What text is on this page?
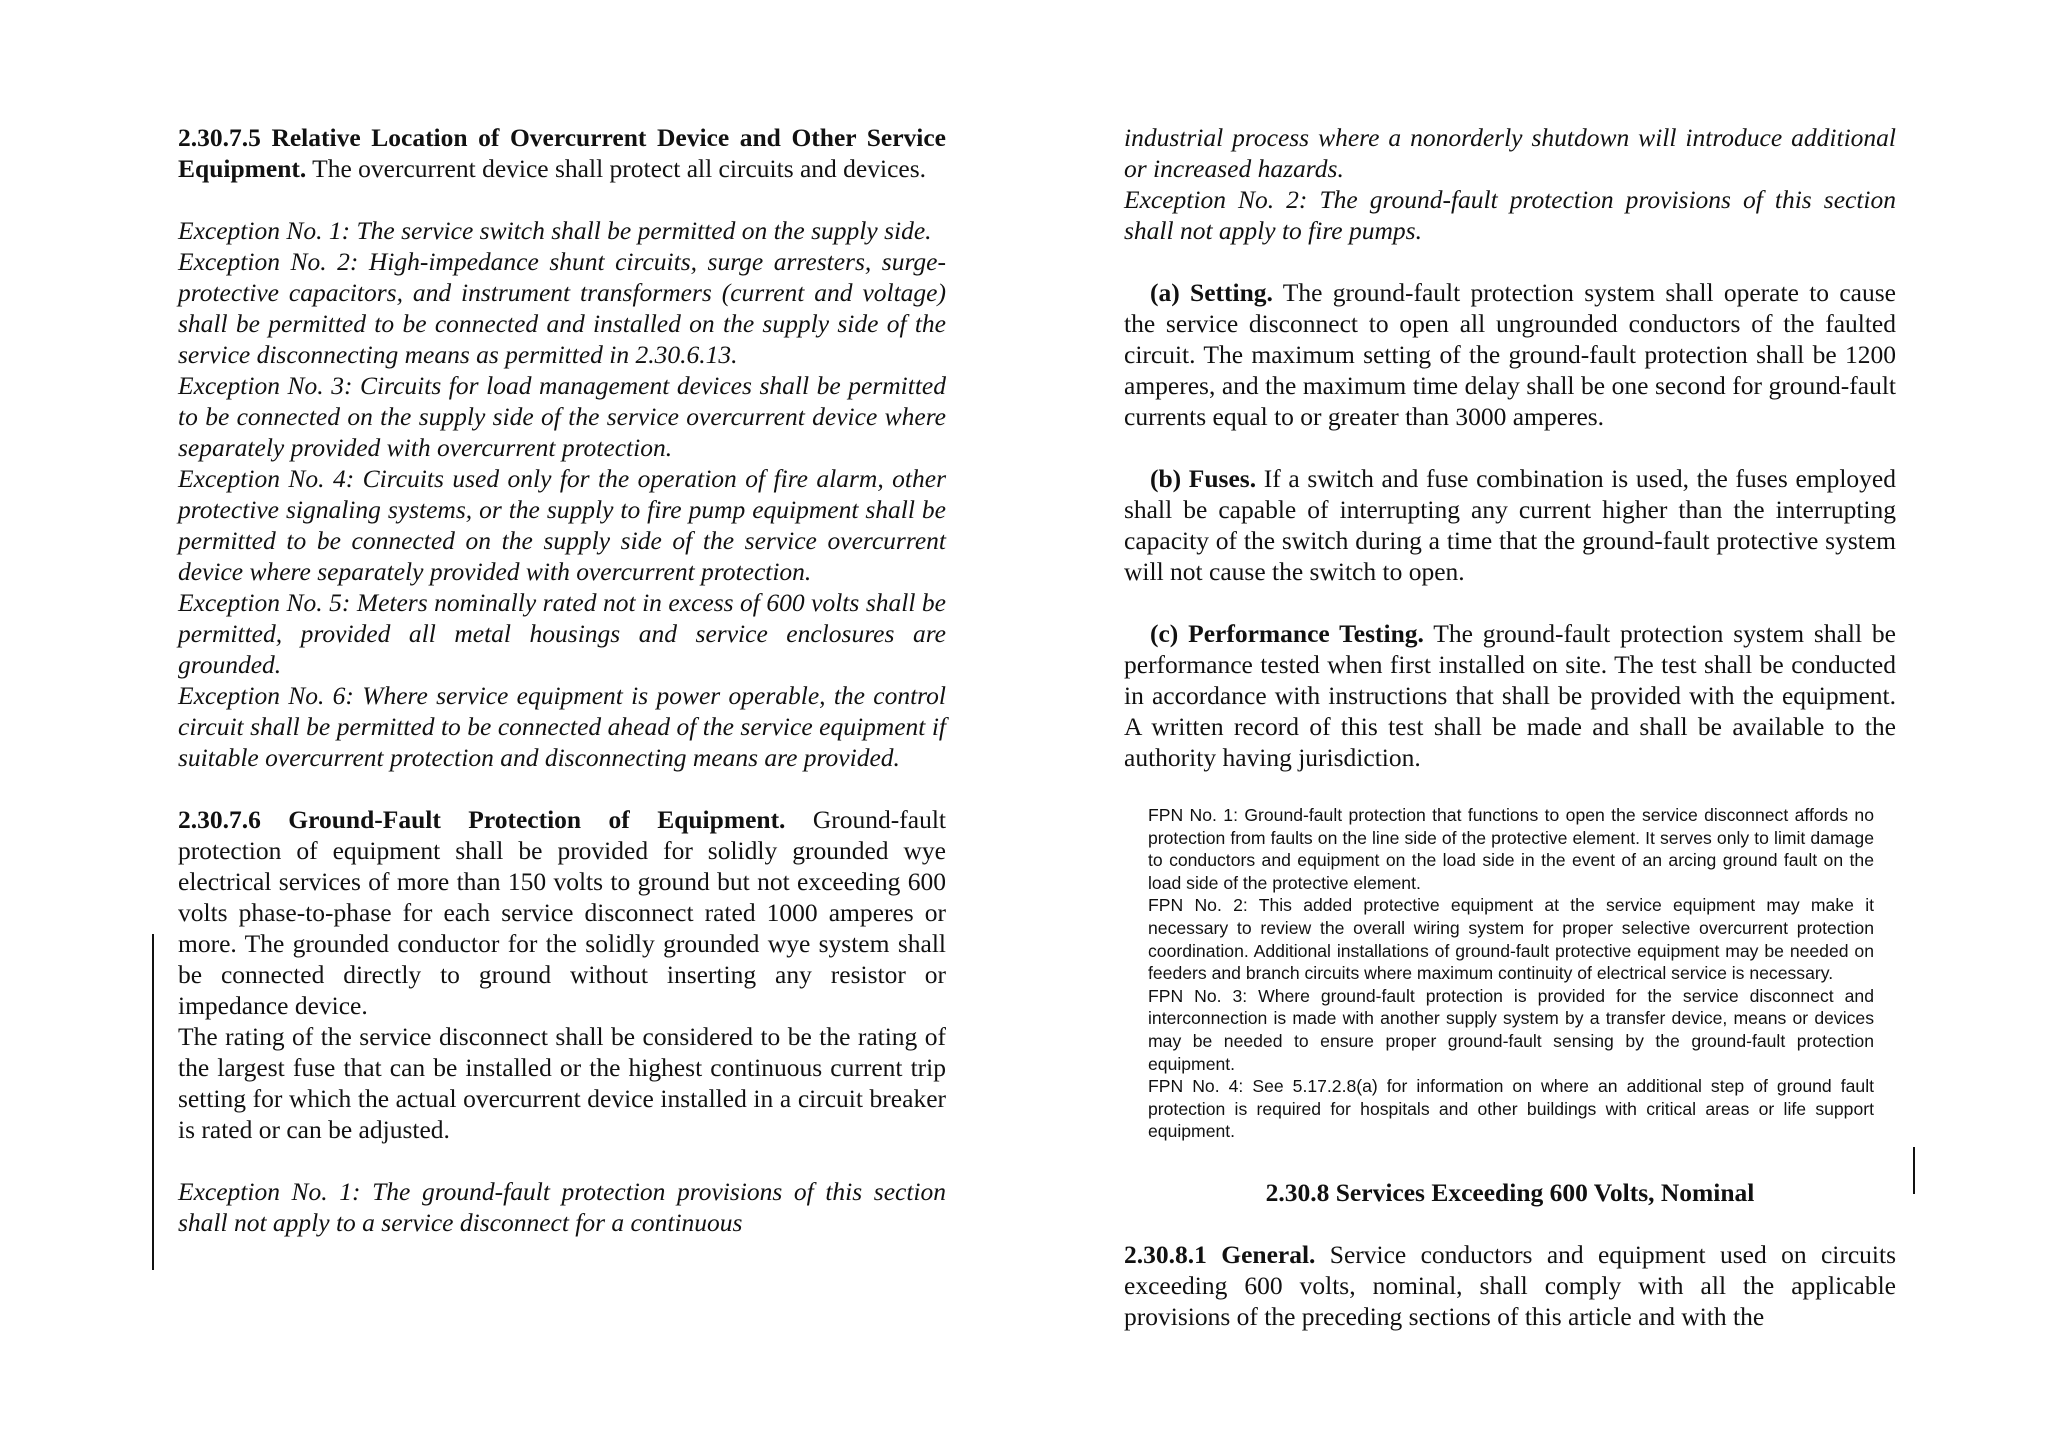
2.30.7.5 Relative Location of Overcurrent Device and Other Service Equipment. The overcurrent device shall protect all circuits and devices.

Exception No. 1: The service switch shall be permitted on the supply side.

Exception No. 2: High-impedance shunt circuits, surge arresters, surge-protective capacitors, and instrument transformers (current and voltage) shall be permitted to be connected and installed on the supply side of the service disconnecting means as permitted in 2.30.6.13.

Exception No. 3: Circuits for load management devices shall be permitted to be connected on the supply side of the service overcurrent device where separately provided with overcurrent protection.

Exception No. 4: Circuits used only for the operation of fire alarm, other protective signaling systems, or the supply to fire pump equipment shall be permitted to be connected on the supply side of the service overcurrent device where separately provided with overcurrent protection.

Exception No. 5: Meters nominally rated not in excess of 600 volts shall be permitted, provided all metal housings and service enclosures are grounded.

Exception No. 6: Where service equipment is power operable, the control circuit shall be permitted to be connected ahead of the service equipment if suitable overcurrent protection and disconnecting means are provided.

2.30.7.6 Ground-Fault Protection of Equipment. Ground-fault protection of equipment shall be provided for solidly grounded wye electrical services of more than 150 volts to ground but not exceeding 600 volts phase-to-phase for each service disconnect rated 1000 amperes or more. The grounded conductor for the solidly grounded wye system shall be connected directly to ground without inserting any resistor or impedance device.

The rating of the service disconnect shall be considered to be the rating of the largest fuse that can be installed or the highest continuous current trip setting for which the actual overcurrent device installed in a circuit breaker is rated or can be adjusted.

Exception No. 1: The ground-fault protection provisions of this section shall not apply to a service disconnect for a continuous

industrial process where a nonorderly shutdown will introduce additional or increased hazards.

Exception No. 2: The ground-fault protection provisions of this section shall not apply to fire pumps.

(a) Setting. The ground-fault protection system shall operate to cause the service disconnect to open all ungrounded conductors of the faulted circuit. The maximum setting of the ground-fault protection shall be 1200 amperes, and the maximum time delay shall be one second for ground-fault currents equal to or greater than 3000 amperes.

(b) Fuses. If a switch and fuse combination is used, the fuses employed shall be capable of interrupting any current higher than the interrupting capacity of the switch during a time that the ground-fault protective system will not cause the switch to open.

(c) Performance Testing. The ground-fault protection system shall be performance tested when first installed on site. The test shall be conducted in accordance with instructions that shall be provided with the equipment. A written record of this test shall be made and shall be available to the authority having jurisdiction.

FPN No. 1: Ground-fault protection that functions to open the service disconnect affords no protection from faults on the line side of the protective element. It serves only to limit damage to conductors and equipment on the load side in the event of an arcing ground fault on the load side of the protective element.

FPN No. 2: This added protective equipment at the service equipment may make it necessary to review the overall wiring system for proper selective overcurrent protection coordination. Additional installations of ground-fault protective equipment may be needed on feeders and branch circuits where maximum continuity of electrical service is necessary.

FPN No. 3: Where ground-fault protection is provided for the service disconnect and interconnection is made with another supply system by a transfer device, means or devices may be needed to ensure proper ground-fault sensing by the ground-fault protection equipment.

FPN No. 4: See 5.17.2.8(a) for information on where an additional step of ground fault protection is required for hospitals and other buildings with critical areas or life support equipment.

2.30.8 Services Exceeding 600 Volts, Nominal

2.30.8.1 General. Service conductors and equipment used on circuits exceeding 600 volts, nominal, shall comply with all the applicable provisions of the preceding sections of this article and with the
